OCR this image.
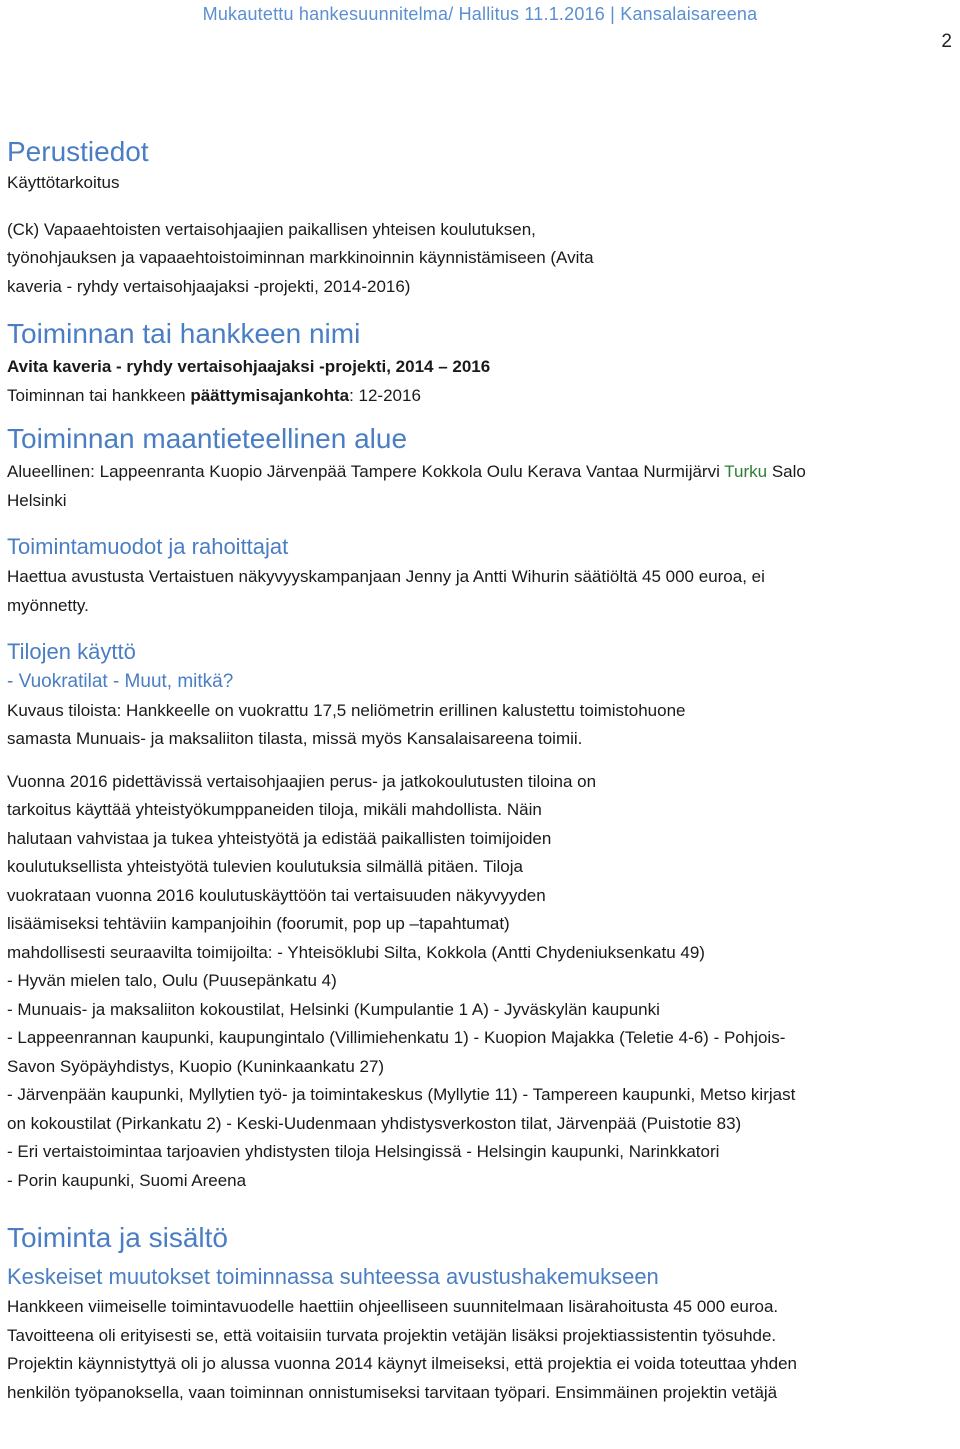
Mukautettu hankesuunnitelma/ Hallitus 11.1.2016 | Kansalaisareena
2
Perustiedot

Käyttötarkoitus

(Ck) Vapaaehtoisten vertaisohjaajien paikallisen yhteisen koulutuksen,

työnohjauksen ja vapaaehtoistoiminnan markkinoinnin käynnistämiseen (Avita

kaveria - ryhdy vertaisohjaajaksi -projekti, 2014-2016)

Toiminnan tai hankkeen nimi

Avita kaveria - ryhdy vertaisohjaajaksi -projekti, 2014 – 2016

Toiminnan tai hankkeen päättymisajankohta: 12-2016

Toiminnan maantieteellinen alue

Alueellinen: Lappeenranta Kuopio Järvenpää Tampere Kokkola Oulu Kerava Vantaa Nurmijärvi Turku Salo

Helsinki

Toimintamuodot ja rahoittajat

Haettua avustusta Vertaistuen näkyvyyskampanjaan Jenny ja Antti Wihurin säätiöltä 45 000 euroa, ei

myönnetty.

Tilojen käyttö

- Vuokratilat - Muut, mitkä?

Kuvaus tiloista: Hankkeelle on vuokrattu 17,5 neliömetrin erillinen kalustettu toimistohuone

samasta Munuais- ja maksaliiton tilasta, missä myös Kansalaisareena toimii.

Vuonna 2016 pidettävissä vertaisohjaajien perus- ja jatkokoulutusten tiloina on

tarkoitus käyttää yhteistyökumppaneiden tiloja, mikäli mahdollista. Näin

halutaan vahvistaa ja tukea yhteistyötä ja edistää paikallisten toimijoiden

koulutuksellista yhteistyötä tulevien koulutuksia silmällä pitäen. Tiloja

vuokrataan vuonna 2016 koulutuskäyttöön tai vertaisuuden näkyvyyden

lisäämiseksi tehtäviin kampanjoihin (foorumit, pop up –tapahtumat)

mahdollisesti seuraavilta toimijoilta: - Yhteisöklubi Silta, Kokkola (Antti Chydeniuksenkatu 49)

- Hyvän mielen talo, Oulu (Puusepänkatu 4)

- Munuais- ja maksaliiton kokoustilat, Helsinki (Kumpulantie 1 A) - Jyväskylän kaupunki

- Lappeenrannan kaupunki, kaupungintalo (Villimiehenkatu 1) - Kuopion Majakka (Teletie 4-6) - Pohjois-

Savon Syöpäyhdistys, Kuopio (Kuninkaankatu 27)

- Järvenpään kaupunki, Myllytien työ- ja toimintakeskus (Myllytie 11) - Tampereen kaupunki, Metso kirjast

on kokoustilat (Pirkankatu 2) - Keski-Uudenmaan yhdistysverkoston tilat, Järvenpää (Puistotie 83)

- Eri vertaistoimintaa tarjoavien yhdistysten tiloja Helsingissä - Helsingin kaupunki, Narinkkatori

- Porin kaupunki, Suomi Areena

Toiminta ja sisältö
Keskeiset muutokset toiminnassa suhteessa avustushakemukseen

Hankkeen viimeiselle toimintavuodelle haettiin ohjeelliseen suunnitelmaan lisärahoitusta 45 000 euroa.

Tavoitteena oli erityisesti se, että voitaisiin turvata projektin vetäjän lisäksi projektiassistentin työsuhde.

Projektin käynnistyttyä oli jo alussa vuonna 2014 käynyt ilmeiseksi, että projektia ei voida toteuttaa yhden

henkilön työpanoksella, vaan toiminnan onnistumiseksi tarvitaan työpari. Ensimmäinen projektin vetäjä
